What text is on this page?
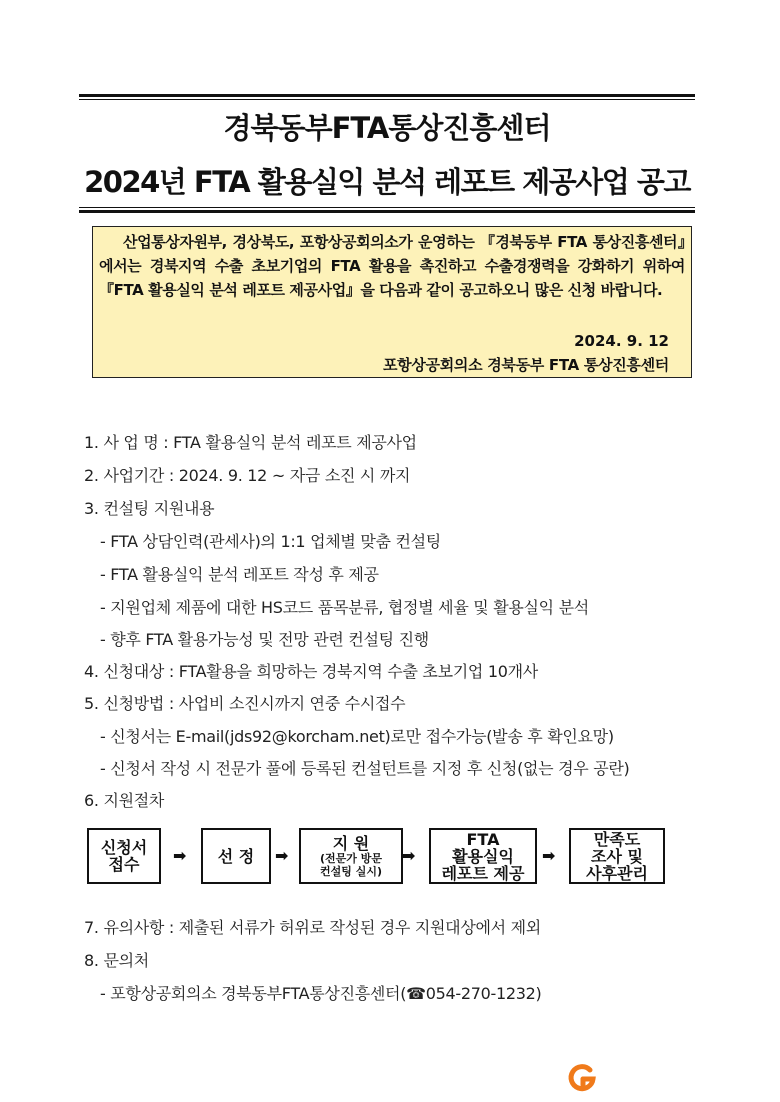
경북동부FTA통상진흥센터
2024년 FTA 활용실익 분석 레포트 제공사업 공고
산업통상자원부, 경상북도, 포항상공회의소가 운영하는 『경북동부 FTA 통상진흥센터』에서는 경북지역 수출 초보기업의 FTA 활용을 촉진하고 수출경쟁력을 강화하기 위하여『FTA 활용실익 분석 레포트 제공사업』을 다음과 같이 공고하오니 많은 신청 바랍니다.
2024. 9. 12
포항상공회의소 경북동부 FTA 통상진흥센터
1. 사 업 명 : FTA 활용실익 분석 레포트 제공사업
2. 사업기간 : 2024. 9. 12 ~ 자금 소진 시 까지
3. 컨설팅 지원내용
- FTA 상담인력(관세사)의 1:1 업체별 맞춤 컨설팅
- FTA 활용실익 분석 레포트 작성 후 제공
- 지원업체 제품에 대한 HS코드 품목분류, 협정별 세율 및 활용실익 분석
- 향후 FTA 활용가능성 및 전망 관련 컨설팅 진행
4. 신청대상 : FTA활용을 희망하는 경북지역 수출 초보기업 10개사
5. 신청방법 : 사업비 소진시까지 연중 수시접수
- 신청서는 E-mail(jds92@korcham.net)로만 접수가능(발송 후 확인요망)
- 신청서 작성 시 전문가 풀에 등록된 컨설턴트를 지정 후 신청(없는 경우 공란)
6. 지원절차
신청서
접수 ➡ 선 정 ➡
지 원
(전문가 방문
컨설팅 실시)
➡
FTA
활용실익
레포트 제공
➡
만족도
조사 및
사후관리
7. 유의사항 : 제출된 서류가 허위로 작성된 경우 지원대상에서 제외
8. 문의처
- 포항상공회의소 경북동부FTA통상진흥센터(☎054-270-1232)
